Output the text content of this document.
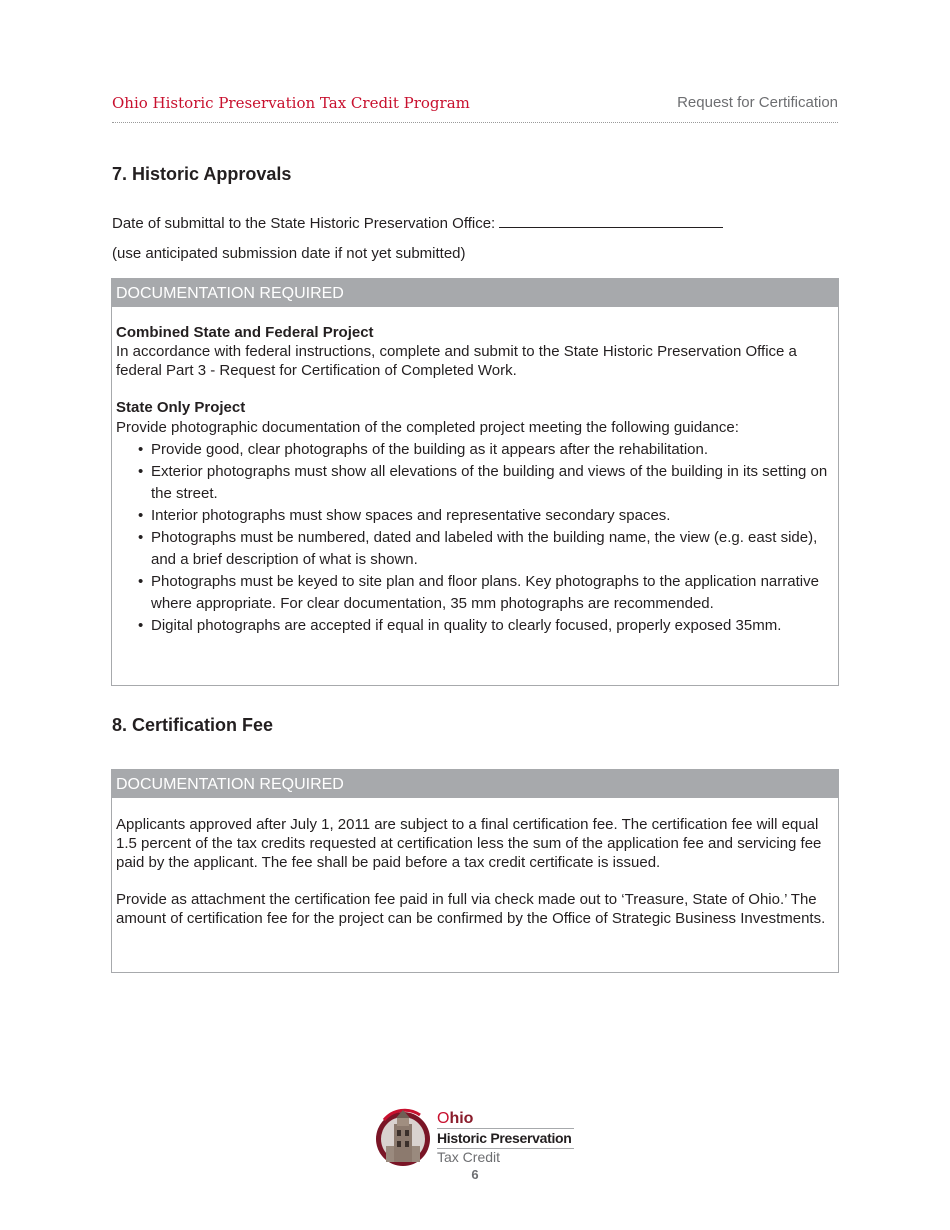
Ohio Historic Preservation Tax Credit Program	Request for Certification
7. Historic Approvals
Date of submittal to the State Historic Preservation Office:
(use anticipated submission date if not yet submitted)
DOCUMENTATION REQUIRED
Combined State and Federal Project

In accordance with federal instructions, complete and submit to the State Historic Preservation Office a federal Part 3 - Request for Certification of Completed Work.

State Only Project

Provide photographic documentation of the completed project meeting the following guidance:

• Provide good, clear photographs of the building as it appears after the rehabilitation.
• Exterior photographs must show all elevations of the building and views of the building in its setting on the street.
• Interior photographs must show spaces and representative secondary spaces.
• Photographs must be numbered, dated and labeled with the building name, the view (e.g. east side), and a brief description of what is shown.
• Photographs must be keyed to site plan and floor plans. Key photographs to the application narrative where appropriate. For clear documentation, 35 mm photographs are recommended.
• Digital photographs are accepted if equal in quality to clearly focused, properly exposed 35mm.
8. Certification Fee
DOCUMENTATION REQUIRED

Applicants approved after July 1, 2011 are subject to a final certification fee. The certification fee will equal 1.5 percent of the tax credits requested at certification less the sum of the application fee and servicing fee paid by the applicant. The fee shall be paid before a tax credit certificate is issued.

Provide as attachment the certification fee paid in full via check made out to ‘Treasure, State of Ohio.’ The amount of certification fee for the project can be confirmed by the Office of Strategic Business Investments.

Ohio
Historic Preservation
Tax Credit
6
